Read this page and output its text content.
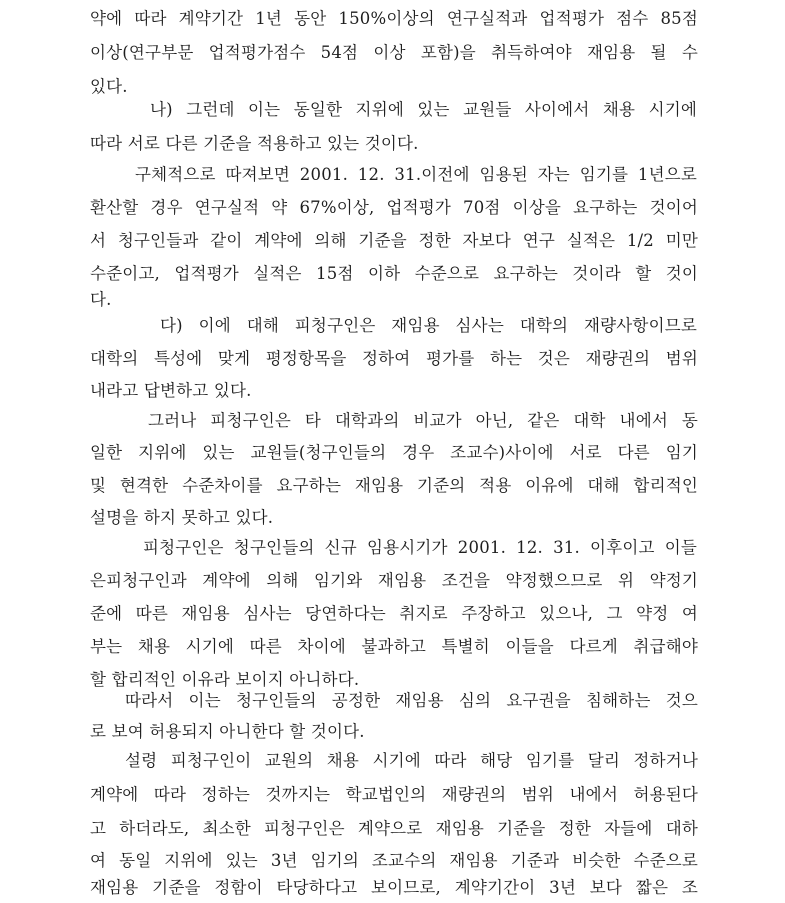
약에 따라 계약기간 1년 동안 150%이상의 연구실적과 업적평가 점수 85점
이상(연구부문 업적평가점수 54점 이상 포함)을 취득하여야 재임용 될 수
있다.
나) 그런데 이는 동일한 지위에 있는 교원들 사이에서 채용 시기에
따라 서로 다른 기준을 적용하고 있는 것이다.
구체적으로 따져보면 2001. 12. 31.이전에 임용된 자는 임기를 1년으로
환산할 경우 연구실적 약 67%이상, 업적평가 70점 이상을 요구하는 것이어
서 청구인들과 같이 계약에 의해 기준을 정한 자보다 연구 실적은 1/2 미만
수준이고, 업적평가 실적은 15점 이하 수준으로 요구하는 것이라 할 것이
다.
다) 이에 대해 피청구인은 재임용 심사는 대학의 재량사항이므로
대학의 특성에 맞게 평정항목을 정하여 평가를 하는 것은 재량권의 범위
내라고 답변하고 있다.
그러나 피청구인은 타 대학과의 비교가 아닌, 같은 대학 내에서 동
일한 지위에 있는 교원들(청구인들의 경우 조교수)사이에 서로 다른 임기
및 현격한 수준차이를 요구하는 재임용 기준의 적용 이유에 대해 합리적인
설명을 하지 못하고 있다.
피청구인은 청구인들의 신규 임용시기가 2001. 12. 31. 이후이고 이들
은피청구인과 계약에 의해 임기와 재임용 조건을 약정했으므로 위 약정기
준에 따른 재임용 심사는 당연하다는 취지로 주장하고 있으나, 그 약정 여
부는 채용 시기에 따른 차이에 불과하고 특별히 이들을 다르게 취급해야
할 합리적인 이유라 보이지 아니하다.
따라서 이는 청구인들의 공정한 재임용 심의 요구권을 침해하는 것으
로 보여 허용되지 아니한다 할 것이다.
설령 피청구인이 교원의 채용 시기에 따라 해당 임기를 달리 정하거나
계약에 따라 정하는 것까지는 학교법인의 재량권의 범위 내에서 허용된다
고 하더라도, 최소한 피청구인은 계약으로 재임용 기준을 정한 자들에 대하
여 동일 지위에 있는 3년 임기의 조교수의 재임용 기준과 비슷한 수준으로
재임용 기준을 정함이 타당하다고 보이므로, 계약기간이 3년 보다 짧은 조
